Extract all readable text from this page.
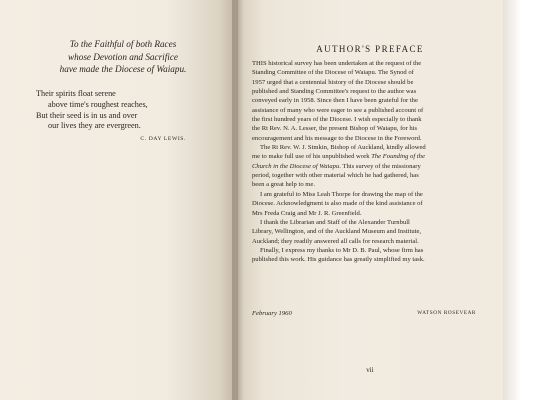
To the Faithful of both Races
whose Devotion and Sacrifice
have made the Diocese of Waiapu.
Their spirits float serene
above time's roughest reaches,
But their seed is in us and over
our lives they are evergreen.
C. DAY LEWIS.
AUTHOR'S PREFACE
THIS historical survey has been undertaken at the request of the
Standing Committee of the Diocese of Waiapu. The Synod of
1957 urged that a centennial history of the Diocese should be
published and Standing Committee's request to the author was
conveyed early in 1958. Since then I have been grateful for the
assistance of many who were eager to see a published account of
the first hundred years of the Diocese. I wish especially to thank
the Rt Rev. N. A. Lesser, the present Bishop of Waiapu, for his
encouragement and his message to the Diocese in the Foreword.
The Rt Rev. W. J. Simkin, Bishop of Auckland, kindly allowed
me to make full use of his unpublished work The Founding of the
Church in the Diocese of Waiapu. This survey of the missionary
period, together with other material which he had gathered, has
been a great help to me.
I am grateful to Miss Leah Thorpe for drawing the map of the
Diocese. Acknowledgment is also made of the kind assistance of
Mrs Freda Craig and Mr J. R. Greenfield.
I thank the Librarian and Staff of the Alexander Turnbull
Library, Wellington, and of the Auckland Museum and Institute,
Auckland; they readily answered all calls for research material.
Finally, I express my thanks to Mr D. B. Paul, whose firm has
published this work. His guidance has greatly simplified my task.
February 1960	WATSON ROSEVEAR
vii
